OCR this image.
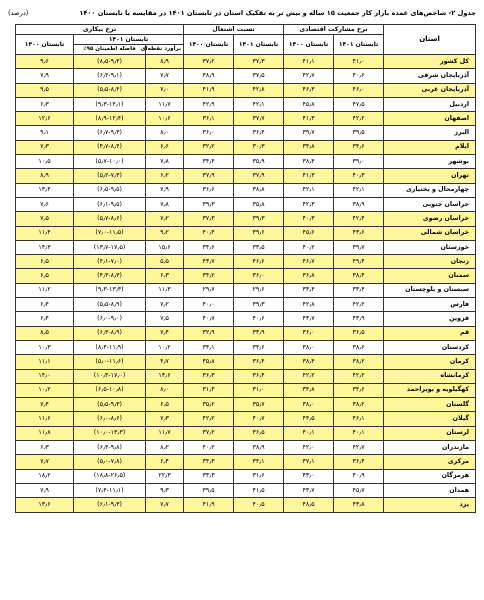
جدول ۲- شاخص‌های عمده بازار کار جمعیت ۱۵ ساله و بیش تر به تفکیک استان در تابستان ۱۴۰۱ در مقایسه با تابستان ۱۴۰۰
(درصد)
استان	نرخ مشارکت اقتصادی		نسبت اشتغال		نرخ بیکاری		
	تابستان ۱۴۰۱	تابستان ۱۴۰۰	تابستان ۱۴۰۱	تابستان ۱۴۰۰	تابستان ۱۴۰۱		تابستان ۱۴۰۰
					برآورد نقطه‌ای	فاصله اطمینان ۹۵٪	

کل کشور	۴۱٫۰	۴۱٫۱	۳۷٫۳	۳۷٫۲	۸٫۹	(۸٫۵-۹٫۳)	۹٫۶
آذربایجان شرقی	۴۰٫۶	۴۲٫۷	۳۷٫۵	۳۸٫۹	۷٫۷	(۶٫۴-۹٫۱)	۷٫۹
آذربایجان غربی	۴۶٫۰	۴۶٫۳	۴۲٫۸	۴۱٫۹	۷٫۰	(۵٫۵-۸٫۴)	۹٫۵
اردبیل	۴۷٫۵	۴۵٫۸	۴۲٫۱	۴۲٫۹	۱۱٫۷	(۹٫۳-۱۴٫۱)	۶٫۳
اصفهان	۴۲٫۲	۴۱٫۳	۳۷٫۷	۳۶٫۱	۱۰٫۶	(۸٫۹-۱۲٫۴)	۱۲٫۶
البرز	۳۹٫۵	۳۹٫۷	۳۶٫۴	۳۶٫۰	۸٫۰	(۶٫۷-۹٫۳)	۹٫۱
ایلام	۳۴٫۶	۳۴٫۸	۳۰٫۳	۳۲٫۲	۶٫۶	(۴٫۷-۸٫۴)	۷٫۳
بوشهر	۳۹٫۰	۳۸٫۴	۳۵٫۹	۳۴٫۴	۷٫۸	(۵٫۷-۱۰٫۰)	۱۰٫۵
تهران	۴۰٫۳	۴۱٫۳	۳۷٫۹	۳۷٫۹	۶٫۲	(۵٫۲-۷٫۳)	۸٫۹
چهارمحال و بختیاری	۴۲٫۱	۴۲٫۱	۳۸٫۸	۳۶٫۶	۷٫۹	(۶٫۵-۹٫۵)	۱۳٫۴
خراسان جنوبی	۳۸٫۹	۴۲٫۳	۳۵٫۸	۳۹٫۳	۷٫۸	(۶٫۱-۹٫۵)	۷٫۶
خراسان رضوی	۴۲٫۴	۴۰٫۳	۳۹٫۳	۳۷٫۳	۷٫۲	(۵٫۷-۸٫۶)	۷٫۵
خراسان شمالی	۴۳٫۶	۴۵٫۶	۳۹٫۶	۴۰٫۴	۹٫۲	(۷٫۰-۱۱٫۵)	۱۱٫۴
خوزستان	۳۹٫۷	۴۰٫۲	۳۳٫۵	۳۴٫۶	۱۵٫۶	(۱۳٫۷-۱۷٫۵)	۱۴٫۳
زنجان	۴۹٫۴	۴۶٫۷	۴۶٫۶	۴۳٫۷	۵٫۵	(۴٫۱-۷٫۰)	۶٫۵
سمنان	۳۸٫۴	۳۶٫۸	۳۶٫۰	۳۴٫۲	۶٫۳	(۴٫۳-۸٫۳)	۶٫۵
سیستان و بلوچستان	۳۳٫۴	۳۳٫۴	۲۹٫۶	۲۹٫۷	۱۱٫۳	(۹٫۳-۱۳٫۳)	۱۱٫۲
فارس	۴۲٫۲	۴۲٫۸	۳۹٫۳	۴۰٫۰	۷٫۲	(۵٫۵-۸٫۹)	۶٫۴
قزوین	۴۳٫۹	۴۳٫۷	۴۰٫۶	۴۰٫۷	۷٫۵	(۶٫۰-۹٫۰)	۶٫۴
قم	۳۶٫۵	۳۶٫۰	۳۳٫۹	۳۲٫۹	۷٫۴	(۶٫۳-۸٫۹)	۸٫۵
کردستان	۳۸٫۶	۳۸٫۰	۳۴٫۶	۳۴٫۱	۱۰٫۲	(۸٫۴-۱۱٫۹)	۱۰٫۳
کرمان	۳۸٫۲	۳۸٫۴	۳۶٫۴	۳۵٫۸	۴٫۷	(۵٫۰-۱۱٫۶)	۱۱٫۱
کرمانشاه	۴۲٫۲	۴۲٫۲	۳۶٫۴	۳۶٫۳	۱۳٫۶	(۱۰٫۳-۱۷٫۰)	۱۴٫۰
کهگیلویه و بویراحمد	۳۴٫۶	۳۴٫۸	۳۱٫۰	۳۱٫۳	۸٫۰	(۶٫۵-۱۰٫۸)	۱۰٫۲
گلستان	۳۸٫۲	۳۸٫۰	۳۵٫۷	۳۵٫۲	۶٫۵	(۵٫۵-۹٫۳)	۷٫۴
گیلان	۴۶٫۱	۴۴٫۵	۴۰٫۷	۴۲٫۲	۷٫۳	(۶٫۰-۸٫۶)	۱۱٫۶
لرستان	۴۰٫۱	۴۰٫۱	۳۶٫۵	۳۷٫۲	۱۱٫۷	(۱۰٫۰-۱۳٫۳)	۱۱٫۸
مازندران	۴۲٫۷	۴۲٫۰	۳۸٫۹	۴۰٫۲	۸٫۲	(۶٫۴-۹٫۸)	۶٫۳
مرکزی	۳۶٫۴	۳۷٫۱	۳۴٫۱	۳۴٫۳	۶٫۴	(۵٫۰-۷٫۸)	۷٫۷
هرمزگان	۴۰٫۹	۴۳٫۰	۳۱٫۶	۳۳٫۳	۲۲٫۳	(۱۸٫۸-۲۶٫۵)	۱۸٫۲
همدان	۴۵٫۷	۴۳٫۷	۴۱٫۵	۳۹٫۵	۹٫۳	(۷٫۴-۱۱٫۱)	۷٫۹
یزد	۴۳٫۸	۴۸٫۵	۴۰٫۵	۴۱٫۹	۷٫۷	(۶٫۱-۹٫۳)	۱۳٫۶
